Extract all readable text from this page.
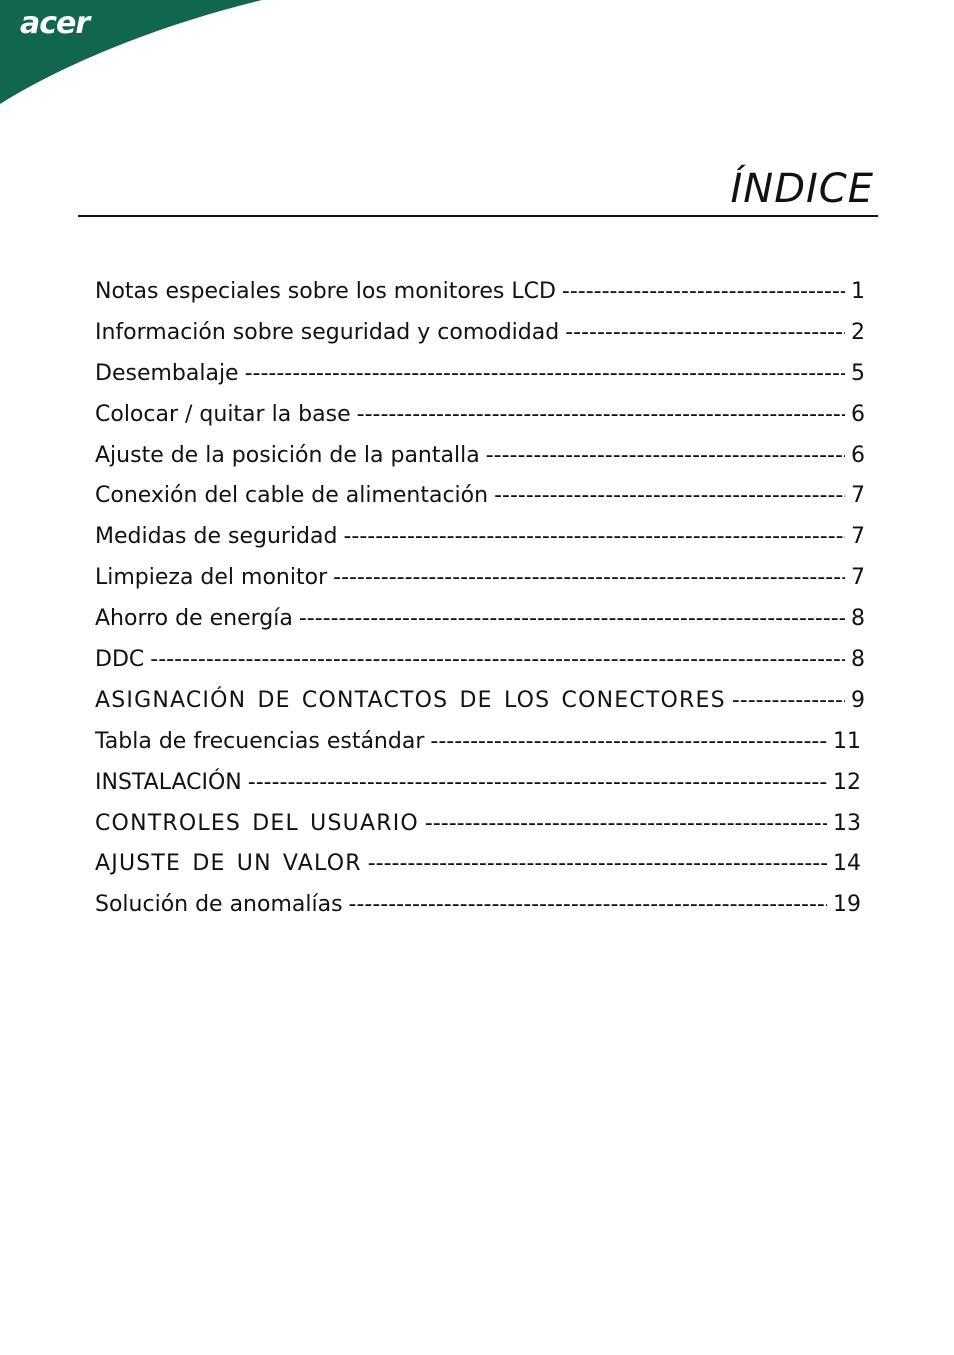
acer
ÍNDICE
Notas especiales sobre los monitores LCD -----	1
Información sobre seguridad y comodidad -----	2
Desembalaje -----	5
Colocar / quitar la base -----	6
Ajuste de la posición de la pantalla -----	6
Conexión del cable de alimentación -----	7
Medidas de seguridad -----	7
Limpieza del monitor -----	7
Ahorro de energía -----	8
DDC -----	8
ASIGNACIÓN DE CONTACTOS DE LOS CONECTORES -----	9
Tabla de frecuencias estándar -----	11
INSTALACIÓN -----	12
CONTROLES DEL USUARIO -----	13
AJUSTE DE UN VALOR -----	14
Solución de anomalías -----	19
